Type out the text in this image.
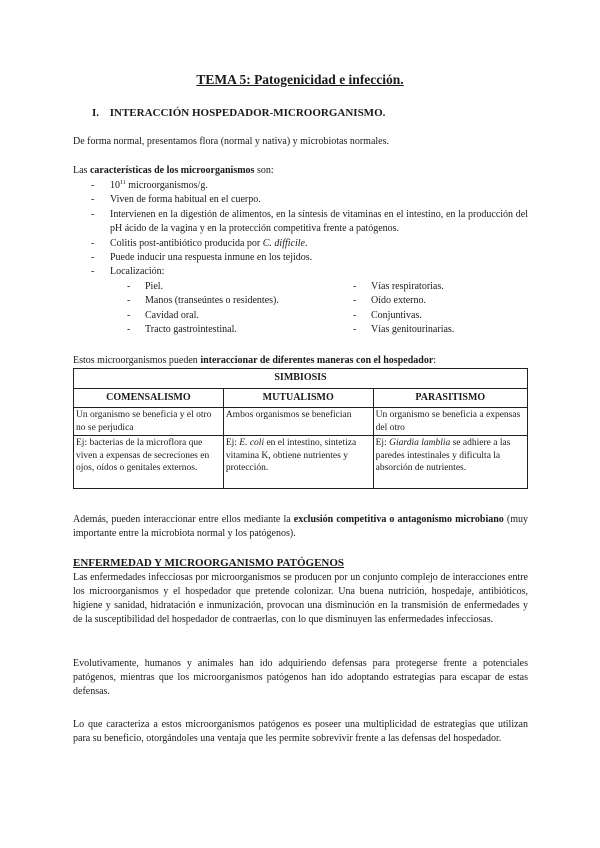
TEMA 5: Patogenicidad e infección.
I. INTERACCIÓN HOSPEDADOR-MICROORGANISMO.
De forma normal, presentamos flora (normal y nativa) y microbiotas normales.
Las características de los microorganismos son:
- $10^{11}$ microorganismos/g.
- Viven de forma habitual en el cuerpo.
- Intervienen en la digestión de alimentos, en la síntesis de vitaminas en el intestino, en la producción del pH ácido de la vagina y en la protección competitiva frente a patógenos.
- Colitis post-antibiótico producida por C. difficile.
- Puede inducir una respuesta inmune en los tejidos.
- Localización:
- Piel.
- Manos (transeúntes o residentes).
- Cavidad oral.
- Tracto gastrointestinal.
- Vías respiratorias.
- Oído externo.
- Conjuntivas.
- Vías genitourinarias.
Estos microorganismos pueden interaccionar de diferentes maneras con el hospedador:
SIMBIOSIS		
COMENSALISMO	MUTUALISMO	PARASITISMO
Un organismo se beneficia y el otro no se perjudica	Ambos organismos se benefician	Un organismo se beneficia a expensas del otro
Ej: bacterias de la microflora que viven a expensas de secreciones en ojos, oídos o genitales externos.	Ej: E. coli en el intestino, sintetiza vitamina K, obtiene nutrientes y protección.	Ej: Giardia lamblia se adhiere a las paredes intestinales y dificulta la absorción de nutrientes.
Además, pueden interaccionar entre ellos mediante la exclusión competitiva o antagonismo microbiano (muy importante entre la microbiota normal y los patógenos).
ENFERMEDAD Y MICROORGANISMO PATÓGENOS
Las enfermedades infecciosas por microorganismos se producen por un conjunto complejo de interacciones entre los microorganismos y el hospedador que pretende colonizar. Una buena nutrición, hospedaje, antibióticos, higiene y sanidad, hidratación e inmunización, provocan una disminución en la transmisión de enfermedades y de la susceptibilidad del hospedador de contraerlas, con lo que disminuyen las enfermedades infecciosas.
Evolutivamente, humanos y animales han ido adquiriendo defensas para protegerse frente a potenciales patógenos, mientras que los microorganismos patógenos han ido adoptando estrategias para escapar de estas defensas.
Lo que caracteriza a estos microorganismos patógenos es poseer una multiplicidad de estrategias que utilizan para su beneficio, otorgándoles una ventaja que les permite sobrevivir frente a las defensas del hospedador.
